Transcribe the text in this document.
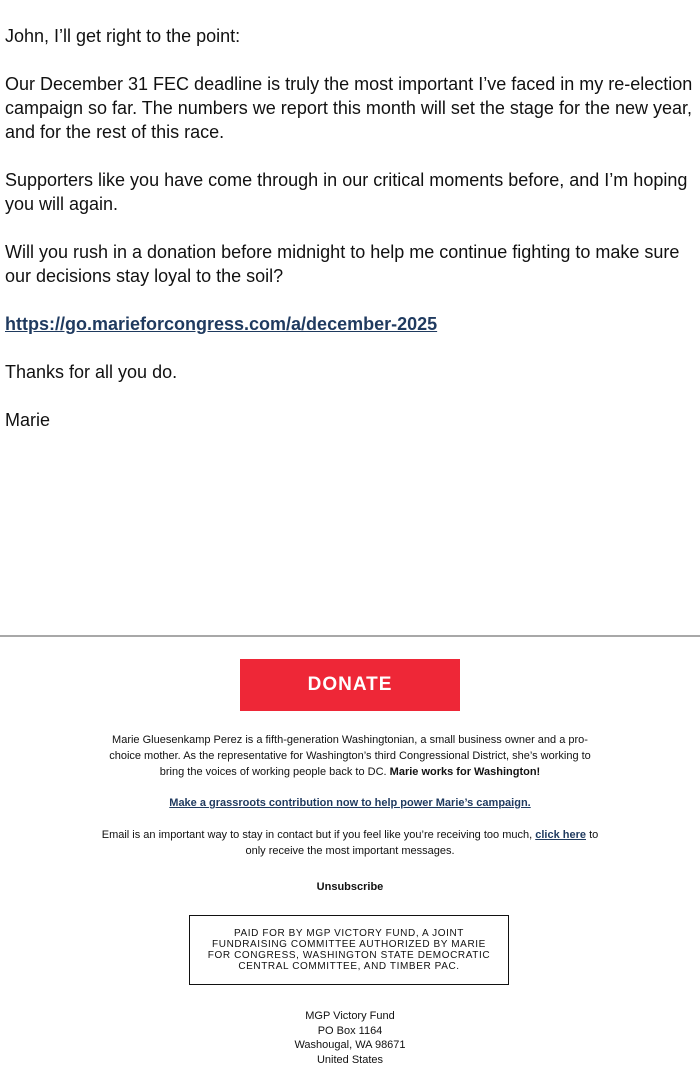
John, I’ll get right to the point:

Our December 31 FEC deadline is truly the most important I’ve faced in my re-election campaign so far. The numbers we report this month will set the stage for the new year, and for the rest of this race.

Supporters like you have come through in our critical moments before, and I’m hoping you will again.

Will you rush in a donation before midnight to help me continue fighting to make sure our decisions stay loyal to the soil?

https://go.marieforcongress.com/a/december-2025

Thanks for all you do.

Marie

DONATE

Marie Gluesenkamp Perez is a fifth-generation Washingtonian, a small business owner and a pro-choice mother. As the representative for Washington’s third Congressional District, she’s working to bring the voices of working people back to DC. Marie works for Washington!

Make a grassroots contribution now to help power Marie’s campaign.

Email is an important way to stay in contact but if you feel like you’re receiving too much, click here to only receive the most important messages.

Unsubscribe

PAID FOR BY MGP VICTORY FUND, A JOINT FUNDRAISING COMMITTEE AUTHORIZED BY MARIE FOR CONGRESS, WASHINGTON STATE DEMOCRATIC CENTRAL COMMITTEE, AND TIMBER PAC.
MGP Victory Fund
PO Box 1164
Washougal, WA 98671
United States
